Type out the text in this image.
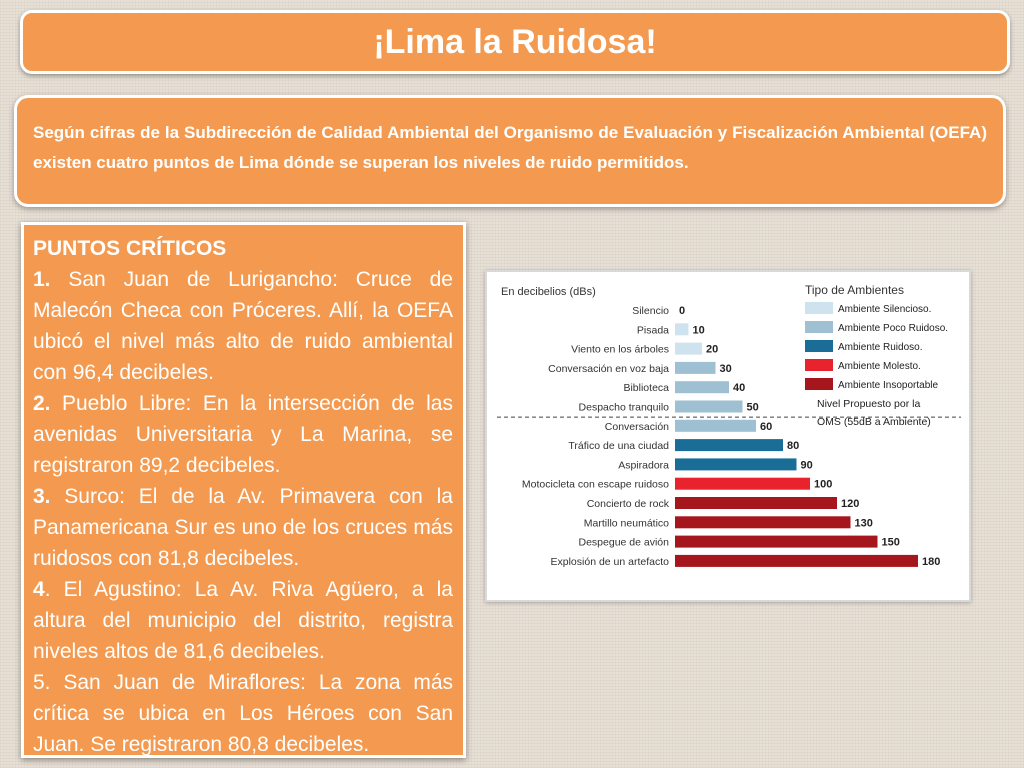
¡Lima la Ruidosa!
Según cifras de la Subdirección de Calidad Ambiental del Organismo de Evaluación y Fiscalización Ambiental (OEFA) existen cuatro puntos de Lima dónde se superan los niveles de ruido permitidos.
PUNTOS CRÍTICOS

1. San Juan de Lurigancho: Cruce de Malecón Checa con Próceres. Allí, la OEFA ubicó el nivel más alto de ruido ambiental con 96,4 decibeles.

2. Pueblo Libre: En la intersección de las avenidas Universitaria y La Marina, se registraron 89,2 decibeles.

3. Surco: El de la Av. Primavera con la Panamericana Sur es uno de los cruces más ruidosos con 81,8 decibeles.

4. El Agustino: La Av. Riva Agüero, a la altura del municipio del distrito, registra niveles altos de 81,6 decibeles.

5. San Juan de Miraflores: La zona más crítica se ubica en Los Héroes con San Juan. Se registraron 80,8 decibeles.

En decibelios (dBs)
Silencio 0
Pisada 10
Viento en los árboles	20
Conversación en voz baja	30
Biblioteca	40
Despacho tranquilo	50
Conversación	60
Tráfico de una ciudad	80
Aspiradora	90
Motocicleta con escape ruidoso	100
Concierto de rock	120
Martillo neumático	130
Despegue de avión	150
Explosión de un artefacto	180
Nivel Propuesto por la
OMS (55dB a Ambiente)
Tipo de Ambientes
Ambiente Silencioso.
Ambiente Poco Ruidoso.
Ambiente Ruidoso.
Ambiente Molesto.
Ambiente Insoportable
